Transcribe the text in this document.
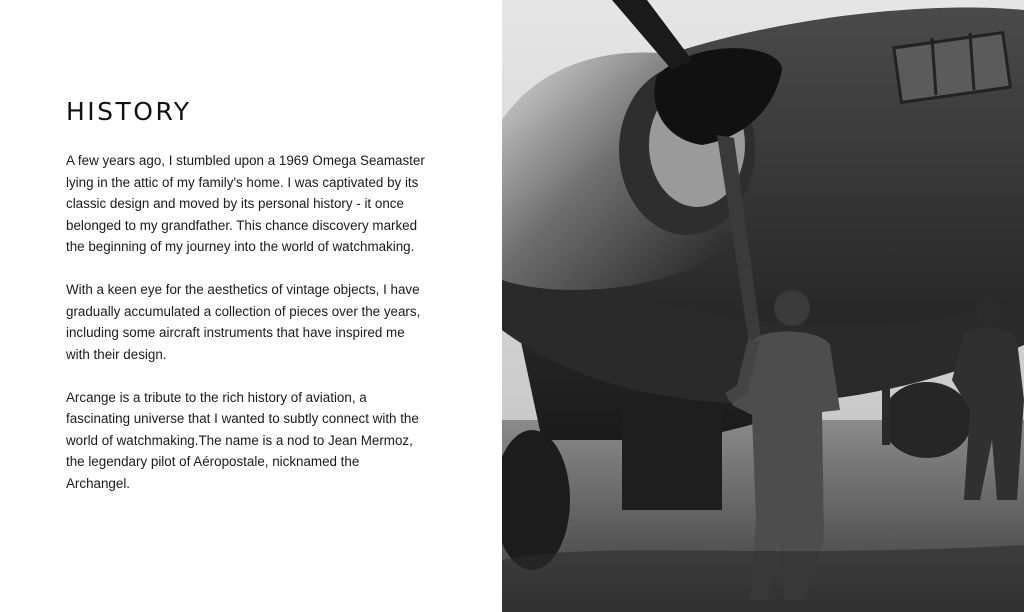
HISTORY

A few years ago, I stumbled upon a 1969 Omega Seamaster lying in the attic of my family's home. I was captivated by its classic design and moved by its personal history - it once belonged to my grandfather. This chance discovery marked the beginning of my journey into the world of watchmaking.

With a keen eye for the aesthetics of vintage objects, I have gradually accumulated a collection of pieces over the years, including some aircraft instruments that have inspired me with their design.

Arcange is a tribute to the rich history of aviation, a fascinating universe that I wanted to subtly connect with the world of watchmaking.The name is a nod to Jean Mermoz, the legendary pilot of Aéropostale, nicknamed the Archangel.
